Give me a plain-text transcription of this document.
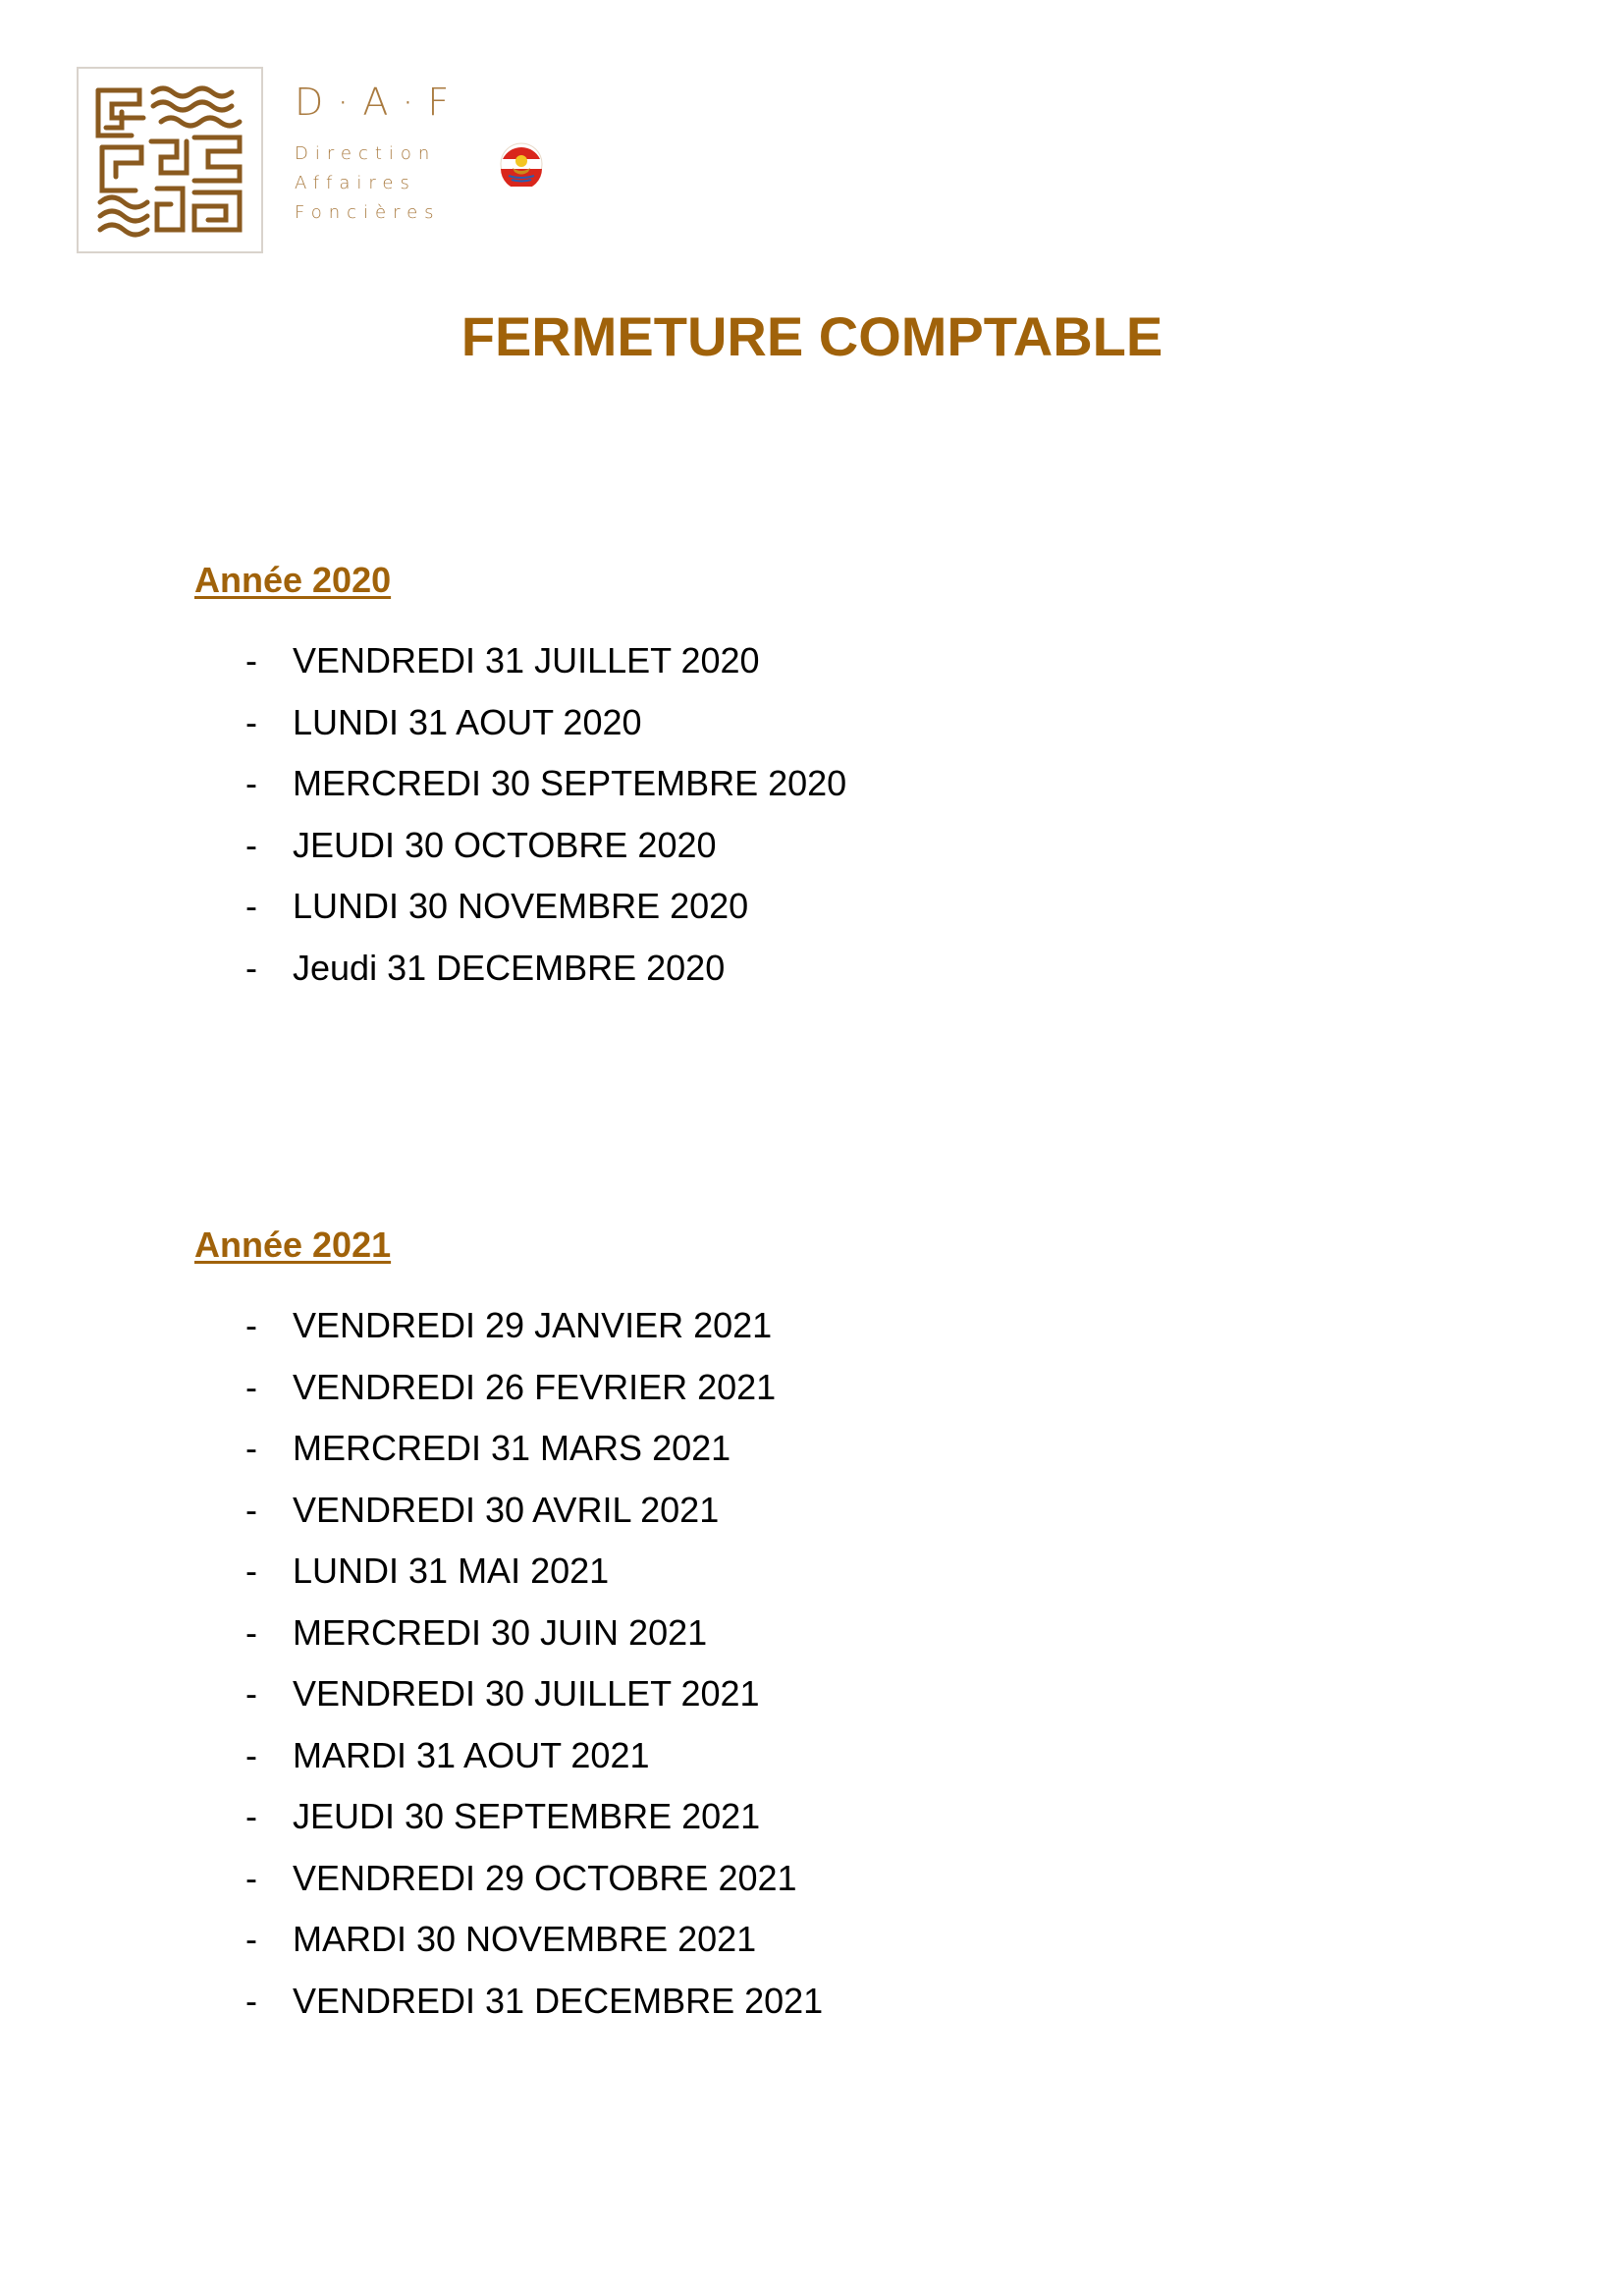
D·A·F
Direction
Affaires
Foncières
FERMETURE COMPTABLE
Année 2020
-	VENDREDI 31 JUILLET 2020
-	LUNDI 31 AOUT 2020
-	MERCREDI 30 SEPTEMBRE 2020
-	JEUDI 30 OCTOBRE 2020
-	LUNDI 30 NOVEMBRE 2020
-	Jeudi 31 DECEMBRE 2020
Année 2021
-	VENDREDI 29 JANVIER 2021
-	VENDREDI 26 FEVRIER 2021
-	MERCREDI 31 MARS 2021
-	VENDREDI 30 AVRIL 2021
-	LUNDI 31 MAI 2021
-	MERCREDI 30 JUIN 2021
-	VENDREDI 30 JUILLET 2021
-	MARDI 31 AOUT 2021
-	JEUDI 30 SEPTEMBRE 2021
-	VENDREDI 29 OCTOBRE 2021
-	MARDI 30 NOVEMBRE 2021
-	VENDREDI 31 DECEMBRE 2021
